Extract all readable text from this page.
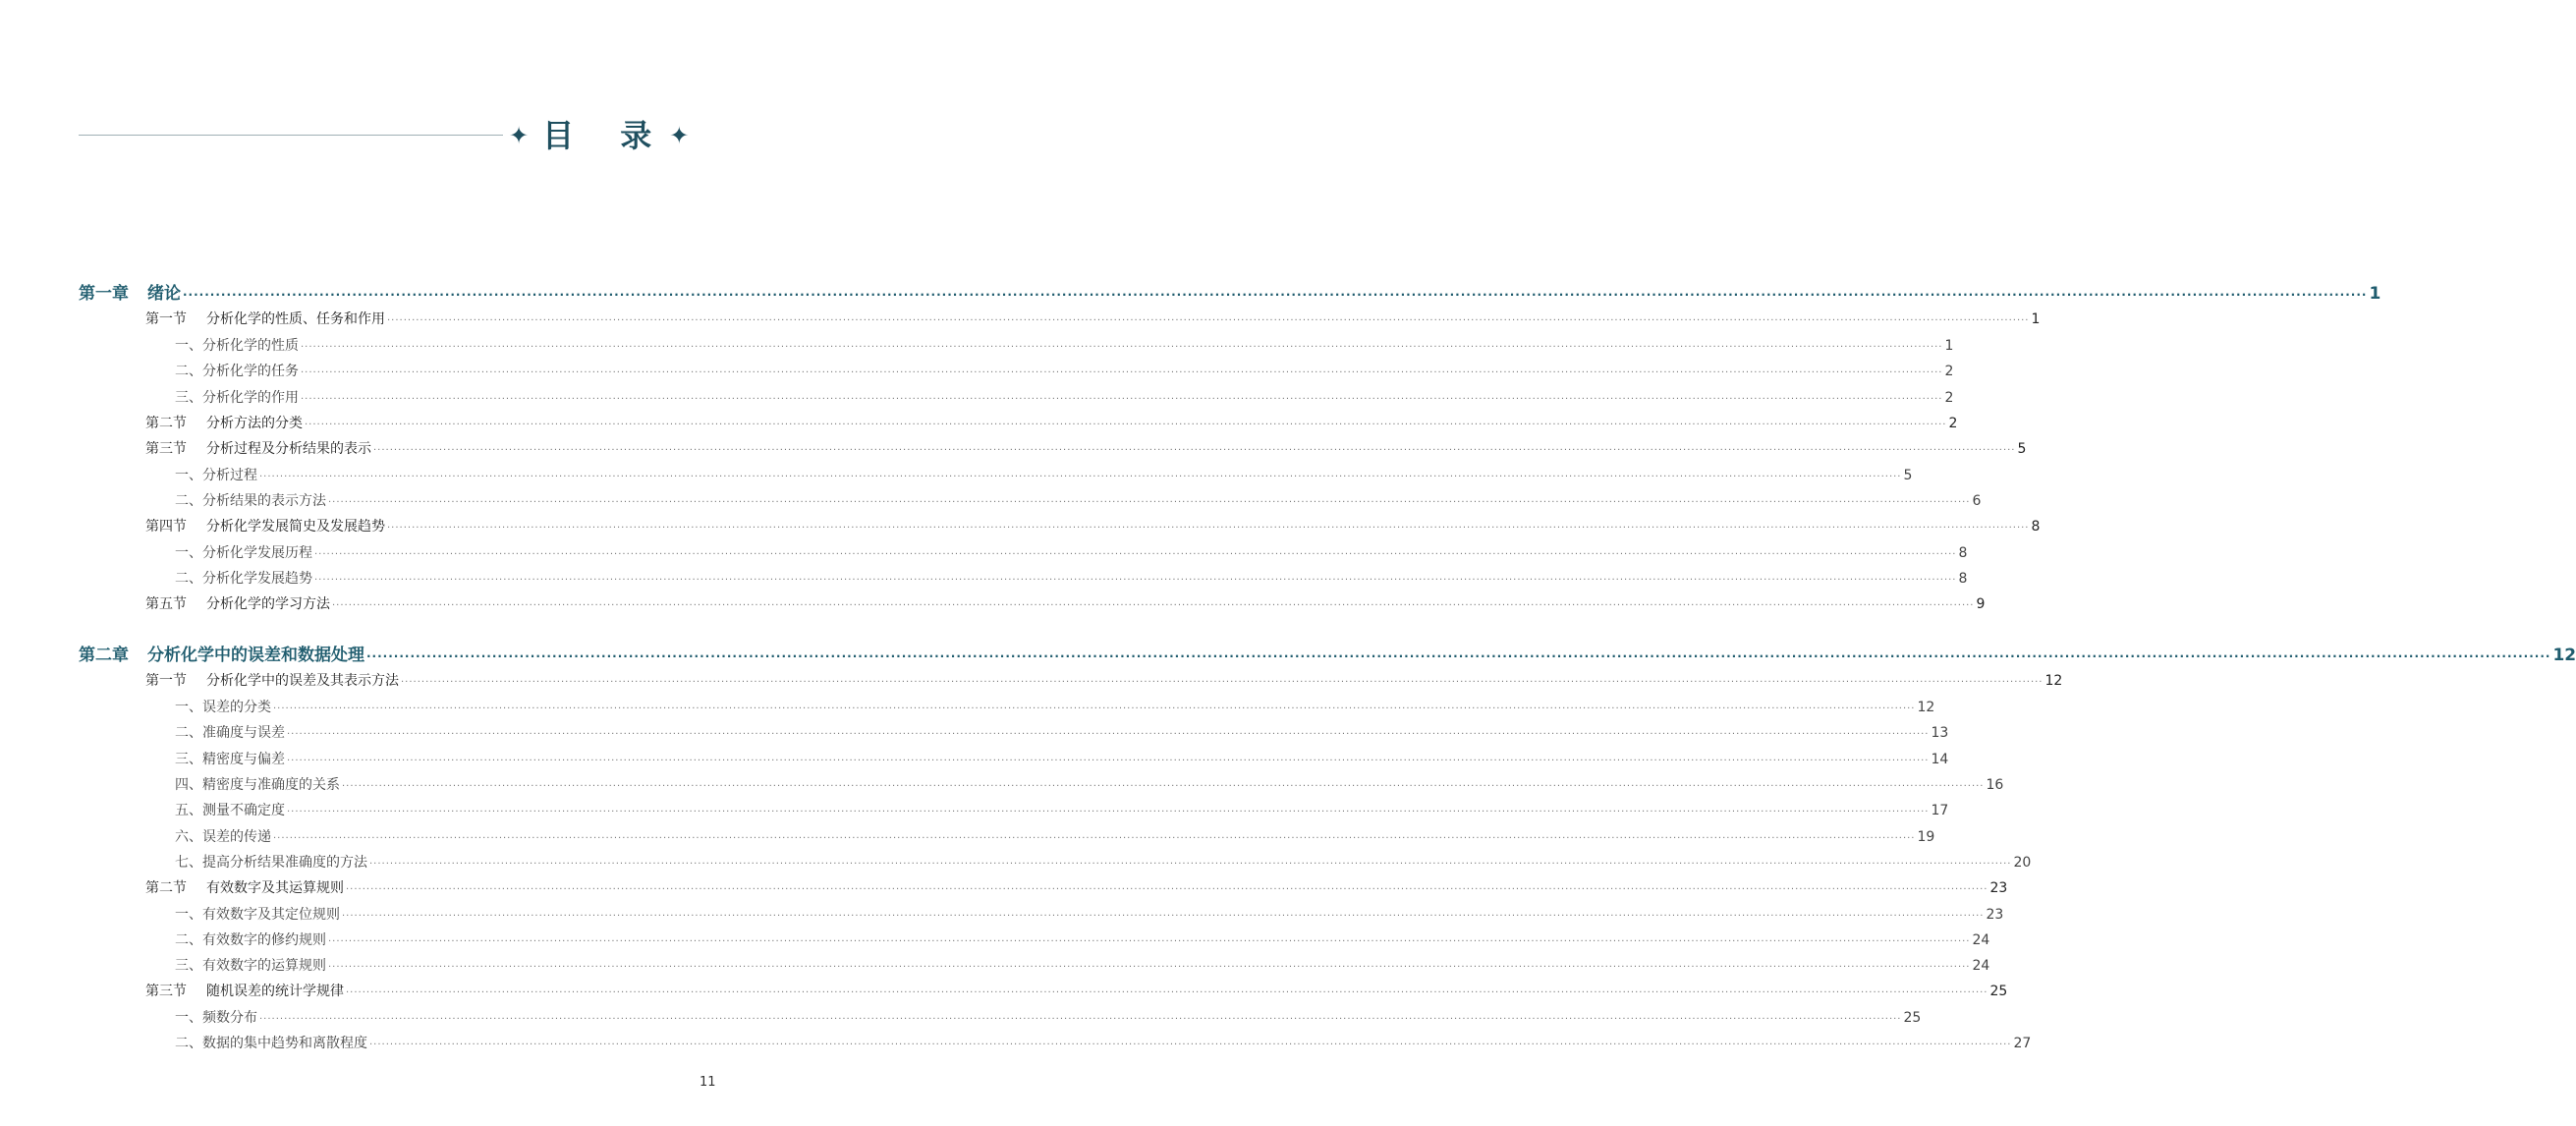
✦ 目 录 ✦
第一章	绪论 ················································································································································································································································································································································································································ 1
第一节	分析化学的性质、任务和作用 ················································································································································································································································································································································································································ 1
一、分析化学的性质 ················································································································································································································································································································································································································ 1
二、分析化学的任务 ················································································································································································································································································································································································································ 2
三、分析化学的作用 ················································································································································································································································································································································································································ 2
第二节	分析方法的分类 ················································································································································································································································································································································································································ 2
第三节	分析过程及分析结果的表示 ················································································································································································································································································································································································································ 5
一、分析过程 ················································································································································································································································································································································································································ 5
二、分析结果的表示方法 ················································································································································································································································································································································································································ 6
第四节	分析化学发展简史及发展趋势 ················································································································································································································································································································································································································ 8
一、分析化学发展历程 ················································································································································································································································································································································································································ 8
二、分析化学发展趋势 ················································································································································································································································································································································································································ 8
第五节	分析化学的学习方法 ················································································································································································································································································································································································································ 9
第二章	分析化学中的误差和数据处理 ················································································································································································································································································································································································································ 12
第一节	分析化学中的误差及其表示方法 ················································································································································································································································································································································································································ 12
一、误差的分类 ················································································································································································································································································································································································································ 12
二、准确度与误差 ················································································································································································································································································································································································································ 13
三、精密度与偏差 ················································································································································································································································································································································································································ 14
四、精密度与准确度的关系 ················································································································································································································································································································································································································ 16
五、测量不确定度 ················································································································································································································································································································································································································ 17
六、误差的传递 ················································································································································································································································································································································································································ 19
七、提高分析结果准确度的方法 ················································································································································································································································································································································································································ 20
第二节	有效数字及其运算规则 ················································································································································································································································································································································································································ 23
一、有效数字及其定位规则 ················································································································································································································································································································································································································ 23
二、有效数字的修约规则 ················································································································································································································································································································································································································ 24
三、有效数字的运算规则 ················································································································································································································································································································································································································ 24
第三节	随机误差的统计学规律 ················································································································································································································································································································································································································ 25
一、频数分布 ················································································································································································································································································································································································································ 25
二、数据的集中趋势和离散程度 ················································································································································································································································································································································································································ 27
11
